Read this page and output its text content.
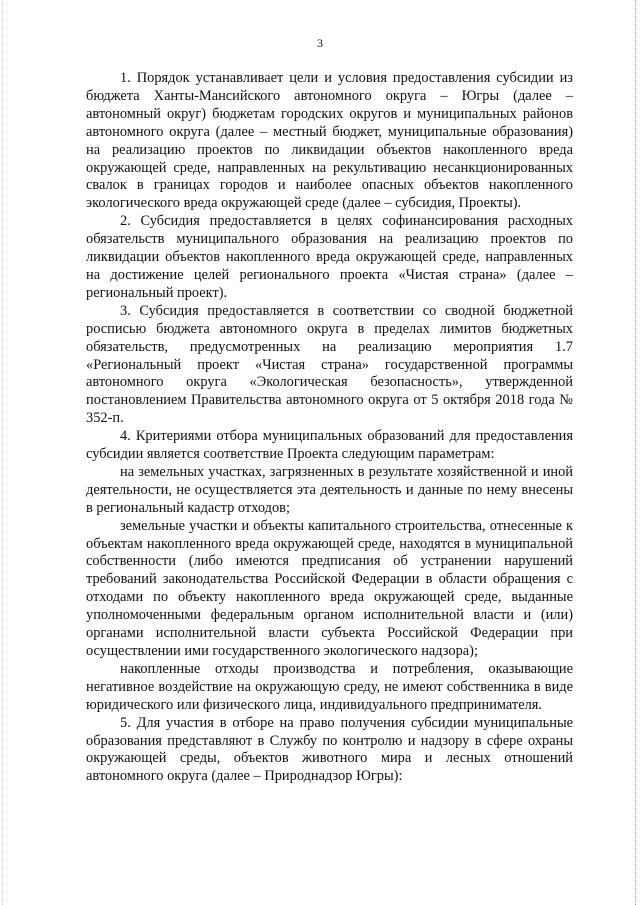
3

1. Порядок устанавливает цели и условия предоставления субсидии из бюджета Ханты-Мансийского автономного округа – Югры (далее – автономный округ) бюджетам городских округов и муниципальных районов автономного округа (далее – местный бюджет, муниципальные образования) на реализацию проектов по ликвидации объектов накопленного вреда окружающей среде, направленных на рекультивацию несанкционированных свалок в границах городов и наиболее опасных объектов накопленного экологического вреда окружающей среде (далее – субсидия, Проекты).

2. Субсидия предоставляется в целях софинансирования расходных обязательств муниципального образования на реализацию проектов по ликвидации объектов накопленного вреда окружающей среде, направленных на достижение целей регионального проекта «Чистая страна» (далее – региональный проект).

3. Субсидия предоставляется в соответствии со сводной бюджетной росписью бюджета автономного округа в пределах лимитов бюджетных обязательств, предусмотренных на реализацию мероприятия 1.7 «Региональный проект «Чистая страна» государственной программы автономного округа «Экологическая безопасность», утвержденной постановлением Правительства автономного округа от 5 октября 2018 года № 352-п.

4. Критериями отбора муниципальных образований для предоставления субсидии является соответствие Проекта следующим параметрам:

на земельных участках, загрязненных в результате хозяйственной и иной деятельности, не осуществляется эта деятельность и данные по нему внесены в региональный кадастр отходов;

земельные участки и объекты капитального строительства, отнесенные к объектам накопленного вреда окружающей среде, находятся в муниципальной собственности (либо имеются предписания об устранении нарушений требований законодательства Российской Федерации в области обращения с отходами по объекту накопленного вреда окружающей среде, выданные уполномоченными федеральным органом исполнительной власти и (или) органами исполнительной власти субъекта Российской Федерации при осуществлении ими государственного экологического надзора);

накопленные отходы производства и потребления, оказывающие негативное воздействие на окружающую среду, не имеют собственника в виде юридического или физического лица, индивидуального предпринимателя.

5. Для участия в отборе на право получения субсидии муниципальные образования представляют в Службу по контролю и надзору в сфере охраны окружающей среды, объектов животного мира и лесных отношений автономного округа (далее – Природнадзор Югры):
